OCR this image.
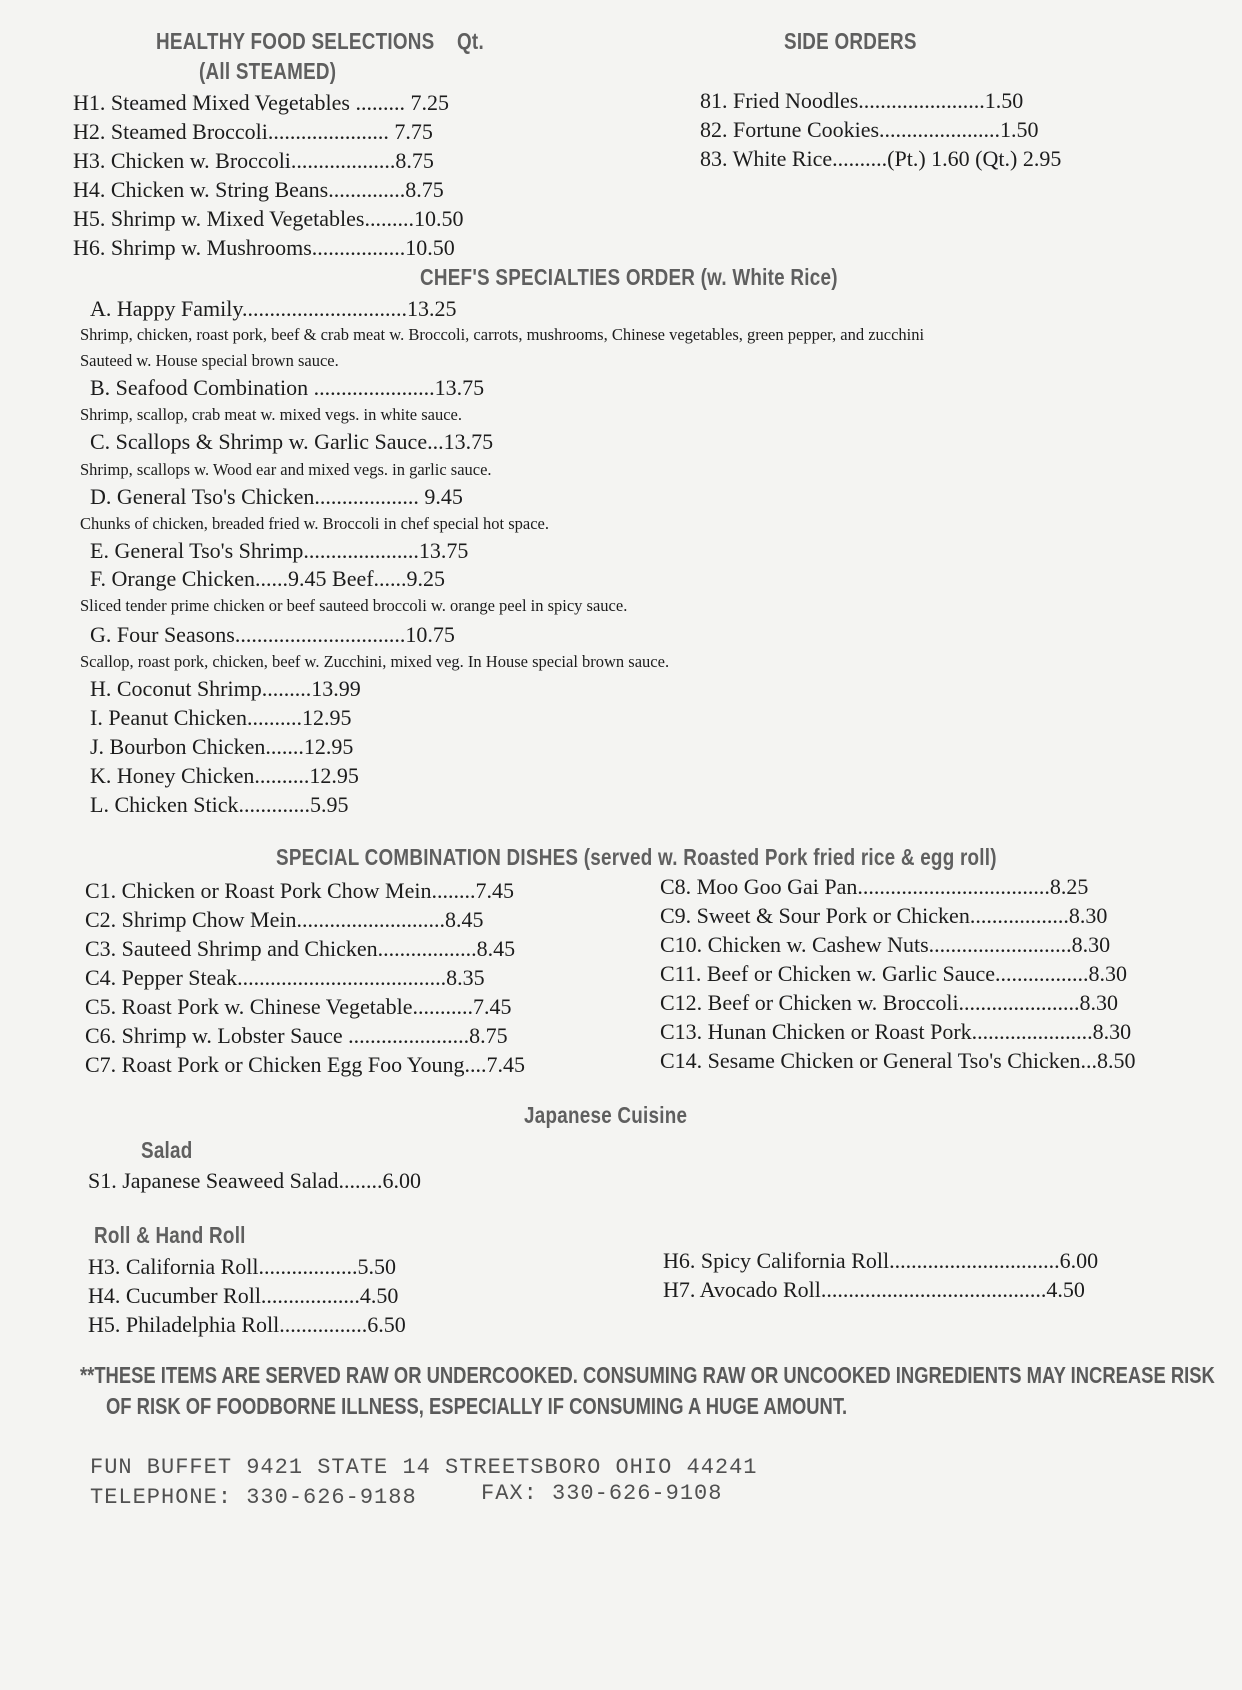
HEALTHY FOOD SELECTIONS Qt.
(All STEAMED)
H1. Steamed Mixed Vegetables ......... 7.25
H2. Steamed Broccoli...................... 7.75
H3. Chicken w. Broccoli...................8.75
H4. Chicken w. String Beans..............8.75
H5. Shrimp w. Mixed Vegetables.........10.50
H6. Shrimp w. Mushrooms.................10.50
SIDE ORDERS
81. Fried Noodles.......................1.50
82. Fortune Cookies......................1.50
83. White Rice..........(Pt.) 1.60 (Qt.) 2.95
CHEF'S SPECIALTIES ORDER (w. White Rice)
A. Happy Family..............................13.25
Shrimp, chicken, roast pork, beef & crab meat w. Broccoli, carrots, mushrooms, Chinese vegetables, green pepper, and zucchini
Sauteed w. House special brown sauce.
B. Seafood Combination ......................13.75
Shrimp, scallop, crab meat w. mixed vegs. in white sauce.
C. Scallops & Shrimp w. Garlic Sauce...13.75
Shrimp, scallops w. Wood ear and mixed vegs. in garlic sauce.
D. General Tso's Chicken................... 9.45
Chunks of chicken, breaded fried w. Broccoli in chef special hot space.
E. General Tso's Shrimp.....................13.75
F. Orange Chicken......9.45 Beef......9.25
Sliced tender prime chicken or beef sauteed broccoli w. orange peel in spicy sauce.
G. Four Seasons...............................10.75
Scallop, roast pork, chicken, beef w. Zucchini, mixed veg. In House special brown sauce.
H. Coconut Shrimp.........13.99
I. Peanut Chicken..........12.95
J. Bourbon Chicken.......12.95
K. Honey Chicken..........12.95
L. Chicken Stick.............5.95
SPECIAL COMBINATION DISHES (served w. Roasted Pork fried rice & egg roll)
C1. Chicken or Roast Pork Chow Mein........7.45
C2. Shrimp Chow Mein...........................8.45
C3. Sauteed Shrimp and Chicken..................8.45
C4. Pepper Steak......................................8.35
C5. Roast Pork w. Chinese Vegetable...........7.45
C6. Shrimp w. Lobster Sauce ......................8.75
C7. Roast Pork or Chicken Egg Foo Young....7.45
C8. Moo Goo Gai Pan...................................8.25
C9. Sweet & Sour Pork or Chicken..................8.30
C10. Chicken w. Cashew Nuts..........................8.30
C11. Beef or Chicken w. Garlic Sauce.................8.30
C12. Beef or Chicken w. Broccoli......................8.30
C13. Hunan Chicken or Roast Pork......................8.30
C14. Sesame Chicken or General Tso's Chicken...8.50
Japanese Cuisine
Salad
S1. Japanese Seaweed Salad........6.00
Roll & Hand Roll
H3. California Roll..................5.50
H4. Cucumber Roll..................4.50
H5. Philadelphia Roll................6.50
H6. Spicy California Roll...............................6.00
H7. Avocado Roll.........................................4.50
**THESE ITEMS ARE SERVED RAW OR UNDERCOOKED. CONSUMING RAW OR UNCOOKED INGREDIENTS MAY INCREASE RISK
OF RISK OF FOODBORNE ILLNESS, ESPECIALLY IF CONSUMING A HUGE AMOUNT.
FUN BUFFET 9421 STATE 14 STREETSBORO OHIO 44241
TELEPHONE: 330-626-9188	FAX: 330-626-9108
